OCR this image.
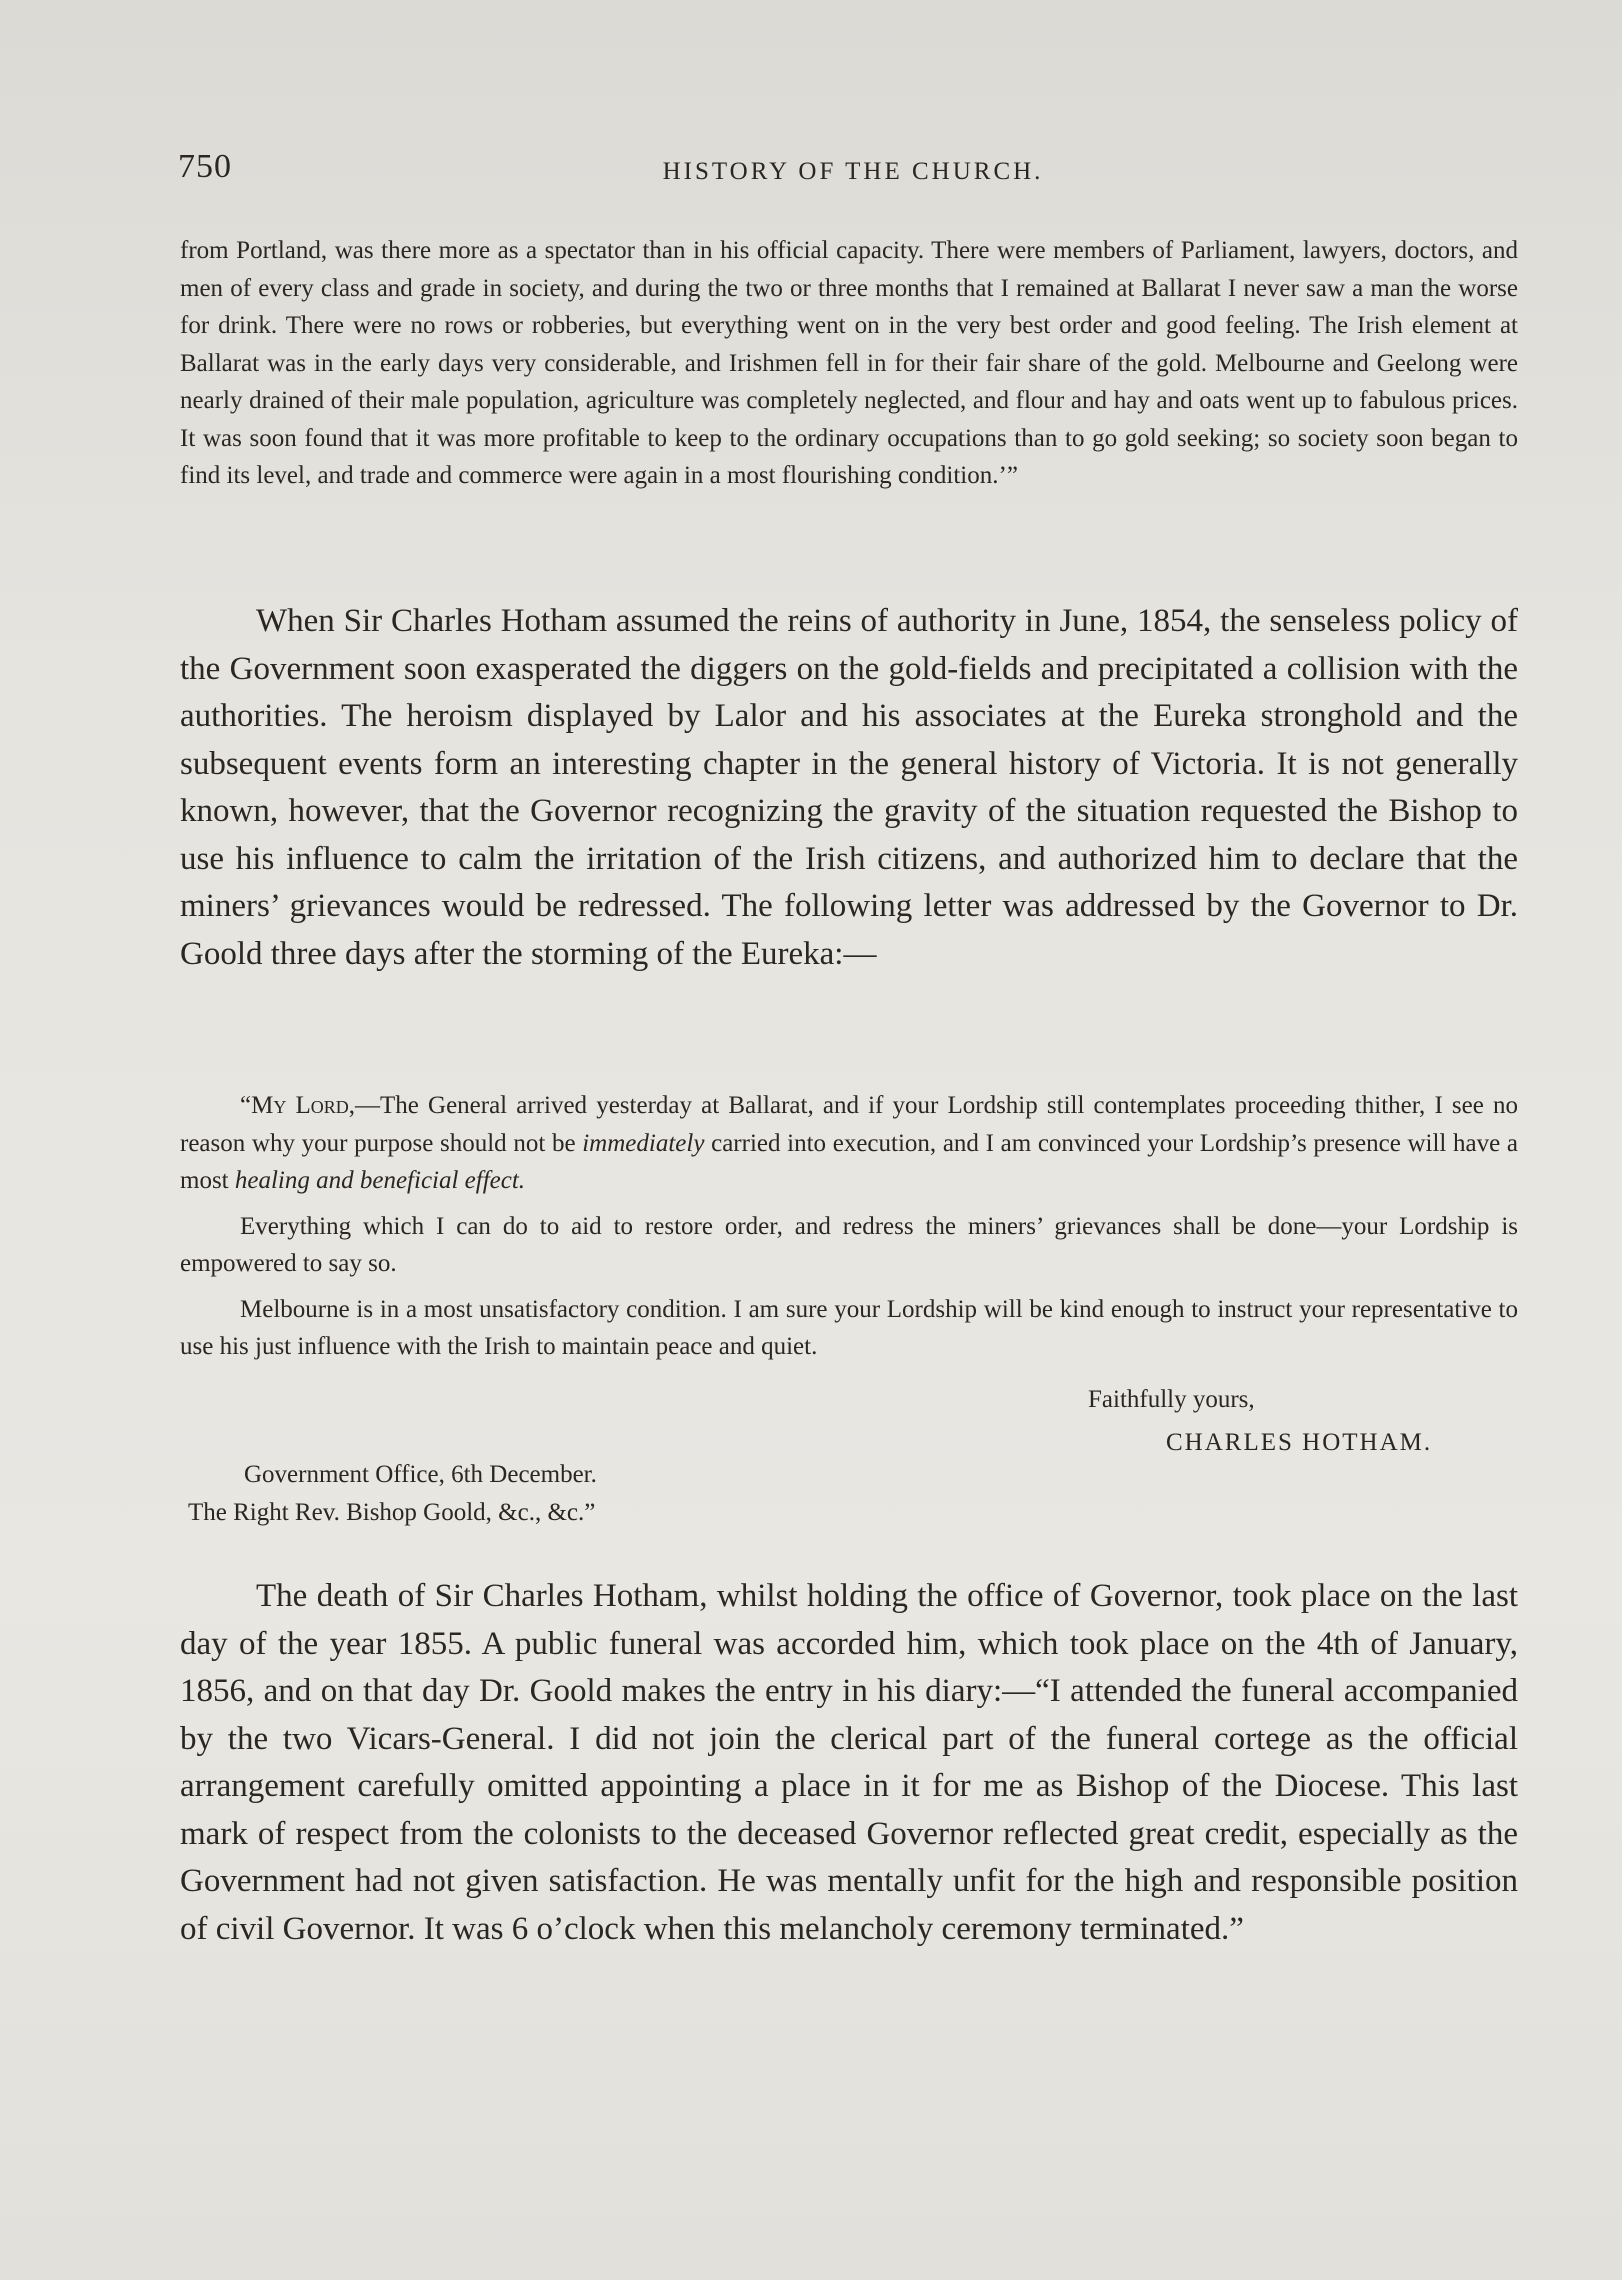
750	HISTORY OF THE CHURCH.

from Portland, was there more as a spectator than in his official capacity. There were members of Parliament, lawyers, doctors, and men of every class and grade in society, and during the two or three months that I remained at Ballarat I never saw a man the worse for drink. There were no rows or robberies, but everything went on in the very best order and good feeling. The Irish element at Ballarat was in the early days very considerable, and Irishmen fell in for their fair share of the gold. Melbourne and Geelong were nearly drained of their male population, agriculture was completely neglected, and flour and hay and oats went up to fabulous prices. It was soon found that it was more profitable to keep to the ordinary occupations than to go gold seeking; so society soon began to find its level, and trade and commerce were again in a most flourishing condition.’”

When Sir Charles Hotham assumed the reins of authority in June, 1854, the senseless policy of the Government soon exasperated the diggers on the gold-fields and precipitated a collision with the authorities. The heroism displayed by Lalor and his associates at the Eureka stronghold and the subsequent events form an interesting chapter in the general history of Victoria. It is not generally known, however, that the Governor recognizing the gravity of the situation requested the Bishop to use his influence to calm the irritation of the Irish citizens, and authorized him to declare that the miners’ grievances would be redressed. The following letter was addressed by the Governor to Dr. Goold three days after the storming of the Eureka:—

“My Lord,—The General arrived yesterday at Ballarat, and if your Lordship still contemplates proceeding thither, I see no reason why your purpose should not be immediately carried into execution, and I am convinced your Lordship’s presence will have a most healing and beneficial effect.

Everything which I can do to aid to restore order, and redress the miners’ grievances shall be done—your Lordship is empowered to say so.

Melbourne is in a most unsatisfactory condition. I am sure your Lordship will be kind enough to instruct your representative to use his just influence with the Irish to maintain peace and quiet.

Faithfully yours,
CHARLES HOTHAM.
Government Office, 6th December.
The Right Rev. Bishop Goold, &c., &c.”

The death of Sir Charles Hotham, whilst holding the office of Governor, took place on the last day of the year 1855. A public funeral was accorded him, which took place on the 4th of January, 1856, and on that day Dr. Goold makes the entry in his diary:—“I attended the funeral accompanied by the two Vicars-General. I did not join the clerical part of the funeral cortege as the official arrangement carefully omitted appointing a place in it for me as Bishop of the Diocese. This last mark of respect from the colonists to the deceased Governor reflected great credit, especially as the Government had not given satisfaction. He was mentally unfit for the high and responsible position of civil Governor. It was 6 o’clock when this melancholy ceremony terminated.”
